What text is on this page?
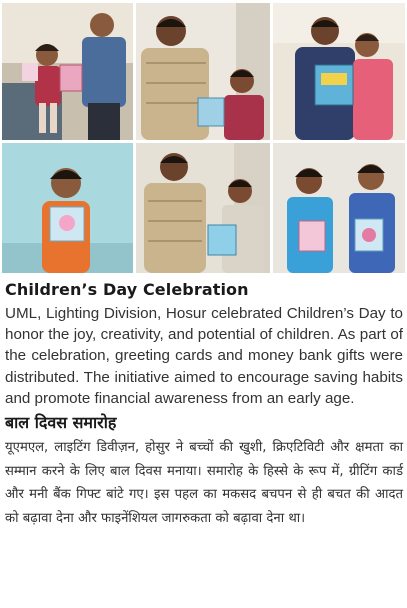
Children’s Day Celebration

UML, Lighting Division, Hosur celebrated Children’s Day to honor the joy, creativity, and potential of children. As part of the celebration, greeting cards and money bank gifts were distributed. The initiative aimed to encourage saving habits and promote financial awareness from an early age.

बाल दिवस समारोह

यूएमएल, लाइटिंग डिवीज़न, होसुर ने बच्चों की खुशी, क्रिएटिविटी और क्षमता का सम्मान करने के लिए बाल दिवस मनाया। समारोह के हिस्से के रूप में, ग्रीटिंग कार्ड और मनी बैंक गिफ्ट बांटे गए। इस पहल का मकसद बचपन से ही बचत की आदत को बढ़ावा देना और फाइनेंशियल जागरुकता को बढ़ावा देना था।
